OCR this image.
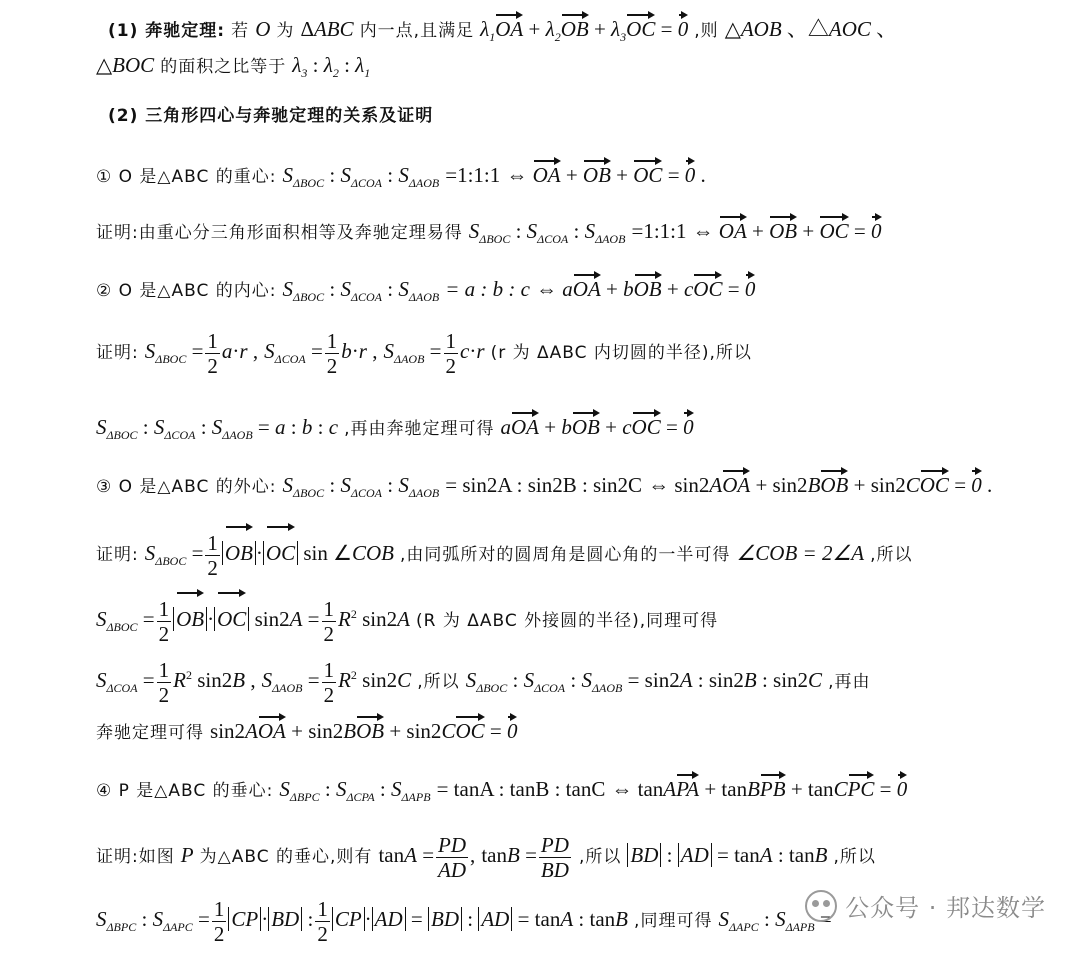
(1) 奔驰定理: 若 O 为 ΔABC 内一点,且满足 $\lambda_1OA + \lambda_2OB + \lambda_3OC = 0$ ,则 △AOB 、△AOC 、
△BOC 的面积之比等于 $\lambda_3$ : $\lambda_2$ : $\lambda_1$
(2) 三角形四心与奔驰定理的关系及证明
① O 是△ABC 的重心: $S_{\Delta BOC}$ : $S_{\Delta COA}$ : $S_{\Delta AOB}$ =1:1:1 ⇔ OA + OB + OC = 0 .
证明:由重心分三角形面积相等及奔驰定理易得 $S_{\Delta BOC}$ : $S_{\Delta COA}$ : $S_{\Delta AOB}$ =1:1:1 ⇔ OA + OB + OC = 0
② O 是△ABC 的内心: $S_{\Delta BOC}$ : $S_{\Delta COA}$ : $S_{\Delta AOB} = a$ : b : c ⇔ aOA + bOB + cOC = 0
证明: $S_{\Delta BOC} = \frac{1}{2} a\cdot r$ , $S_{\Delta COA} = \frac{1}{2} b\cdot r$ , $S_{\Delta AOB} = \frac{1}{2} c\cdot r$ (r 为 ΔABC 内切圆的半径),所以
$S_{\Delta BOC}$ : $S_{\Delta COA}$ : $S_{\Delta AOB} = a$ : b : c ,再由奔驰定理可得 aOA + bOB + cOC = 0
③ O 是△ABC 的外心: $S_{\Delta BOC}$ : $S_{\Delta COA}$ : $S_{\Delta AOB} = \sin 2A$ : sin2B : sin2C ⇔ sin2AOA + sin2BOB + sin2COC = 0 .
证明: $S_{\Delta BOC} = \frac{1}{2}$ OB · OC sin ∠COB ,由同弧所对的圆周角是圆心角的一半可得 ∠COB = 2∠A ,所以
$S_{\Delta BOC} = \frac{1}{2}$ OB · OC $\sin 2A = \frac{1}{2} R^2$ sin2A (R 为 ΔABC 外接圆的半径),同理可得
$S_{\Delta COA} = \frac{1}{2} R^2$ sin2B , $S_{\Delta AOB} = \frac{1}{2} R^2$ sin2C ,所以 $S_{\Delta BOC}$ : $S_{\Delta COA}$ : $S_{\Delta AOB} = \sin 2A$ : sin2B : sin2C ,再由
奔驰定理可得 sin2AOA + sin2BOB + sin2COC = 0
④ P 是△ABC 的垂心: $S_{\Delta BPC}$ : $S_{\Delta CPA}$ : $S_{\Delta APB} = \tan A$ : tanB : tanC ⇔ tanAPA + tanBPB + tanCPC = 0
证明:如图 P 为△ABC 的垂心,则有 $\tan A = \frac{PD}{AD}$ , $\tan B = \frac{PD}{BD}$ ,所以 BD : AD = tanA : tanB ,所以
$S_{\Delta BPC}$ : $S_{\Delta APC} = \frac{1}{2}$ CP · BD : $\frac{1}{2}$ CP · AD = BD : AD = tanA : tanB ,同理可得 $S_{\Delta APC}$ : $S_{\Delta APB}$ = 公众号 · 邦达数学
